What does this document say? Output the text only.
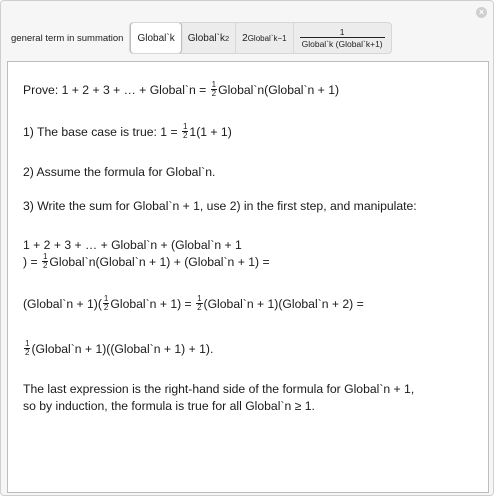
×
general term in summation Global`k Global`k 2 2 Global`k−1 $\frac{1}{\text{Global`k (Global`k+1)}}$
Prove: 1 + 2 + 3 + … + Global`n = $\frac{1}{2}$ Global`n(Global`n + 1)
1) The base case is true: $1 = \frac{1}{2} 1(1 + 1)$
2) Assume the formula for Global`n.
3) Write the sum for Global`n + 1, use 2) in the first step, and manipulate:
1 + 2 + 3 + … + Global`n + (Global`n + 1
) = $\frac{1}{2}$ Global`n(Global`n + 1) + (Global`n + 1) =
(Global`n + $1)( \frac{1}{2}$ Global`n + $1) = \frac{1}{2}$ (Global`n + 1)(Global`n + 2) =
$\frac{1}{2}$ (Global`n + 1)((Global`n + 1) + 1).
The last expression is the right-hand side of the formula for Global`n + 1,
so by induction, the formula is true for all Global`n ≥ 1.
